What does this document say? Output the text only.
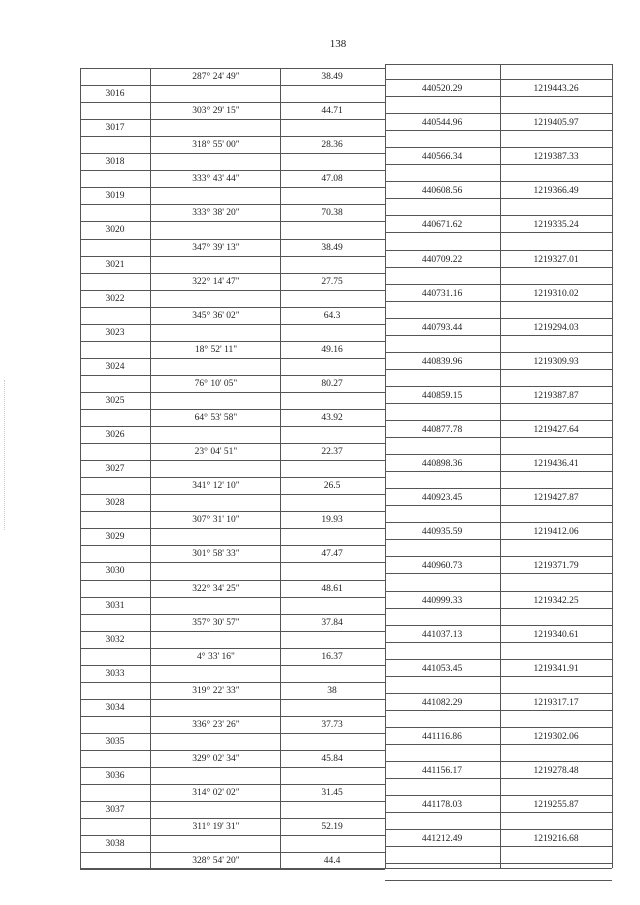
138
287° 24' 49"	38.49
3016	440520.29	1219443.26
303° 29' 15"	44.71
3017	440544.96	1219405.97
318° 55' 00"	28.36
3018	440566.34	1219387.33
333° 43' 44"	47.08
3019	440608.56	1219366.49
333° 38' 20"	70.38
3020	440671.62	1219335.24
347° 39' 13"	38.49
3021	440709.22	1219327.01
322° 14' 47"	27.75
3022	440731.16	1219310.02
345° 36' 02"	64.3
3023	440793.44	1219294.03
18° 52' 11"	49.16
3024	440839.96	1219309.93
76° 10' 05"	80.27
3025	440859.15	1219387.87
64° 53' 58"	43.92
3026	440877.78	1219427.64
23° 04' 51"	22.37
3027	440898.36	1219436.41
341° 12' 10"	26.5
3028	440923.45	1219427.87
307° 31' 10"	19.93
3029	440935.59	1219412.06
301° 58' 33"	47.47
3030	440960.73	1219371.79
322° 34' 25"	48.61
3031	440999.33	1219342.25
357° 30' 57"	37.84
3032	441037.13	1219340.61
4° 33' 16"	16.37
3033	441053.45	1219341.91
319° 22' 33"	38
3034	441082.29	1219317.17
336° 23' 26"	37.73
3035	441116.86	1219302.06
329° 02' 34"	45.84
3036	441156.17	1219278.48
314° 02' 02"	31.45
3037	441178.03	1219255.87
311° 19' 31"	52.19
3038	441212.49	1219216.68
328° 54' 20"	44.4
